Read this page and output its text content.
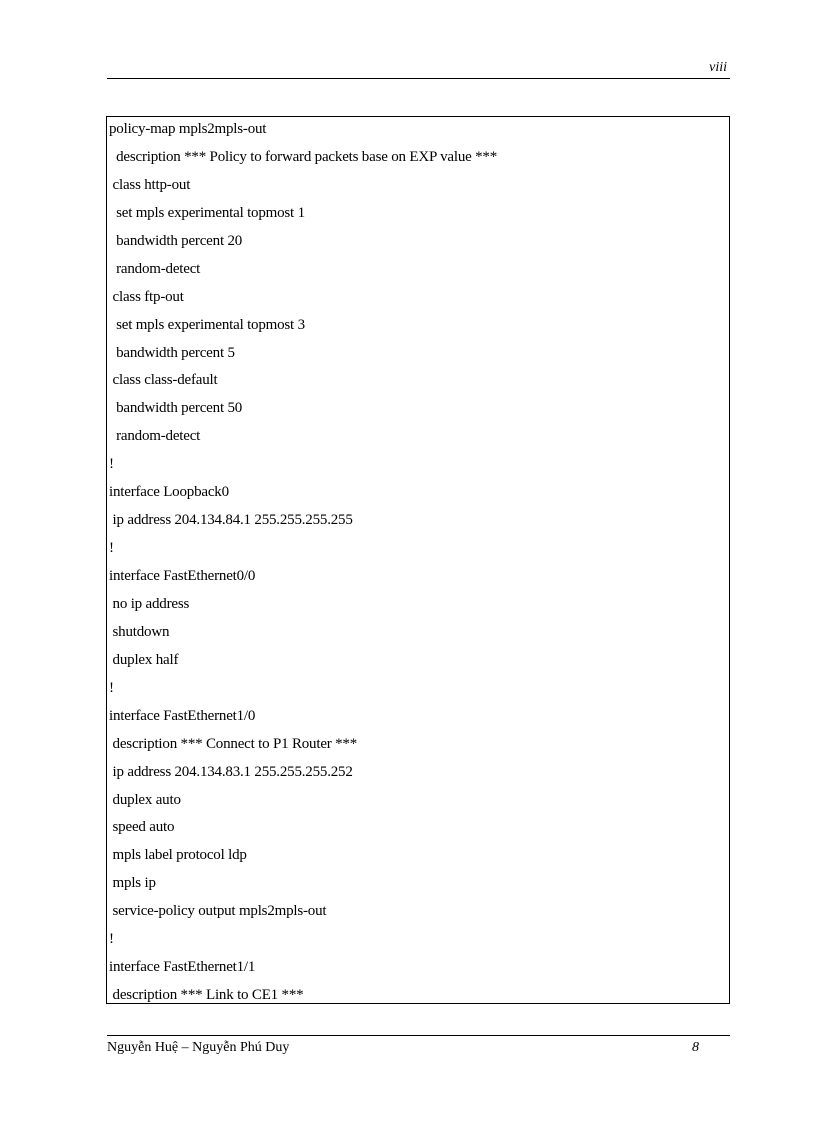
viii
policy-map mpls2mpls-out
description *** Policy to forward packets base on EXP value ***
class http-out
set mpls experimental topmost 1
bandwidth percent 20
random-detect
class ftp-out
set mpls experimental topmost 3
bandwidth percent 5
class class-default
bandwidth percent 50
random-detect
!
interface Loopback0
ip address 204.134.84.1 255.255.255.255
!
interface FastEthernet0/0
no ip address
shutdown
duplex half
!
interface FastEthernet1/0
description *** Connect to P1 Router ***
ip address 204.134.83.1 255.255.255.252
duplex auto
speed auto
mpls label protocol ldp
mpls ip
service-policy output mpls2mpls-out
!
interface FastEthernet1/1
description *** Link to CE1 ***
Nguyễn Huệ – Nguyễn Phú Duy	8
